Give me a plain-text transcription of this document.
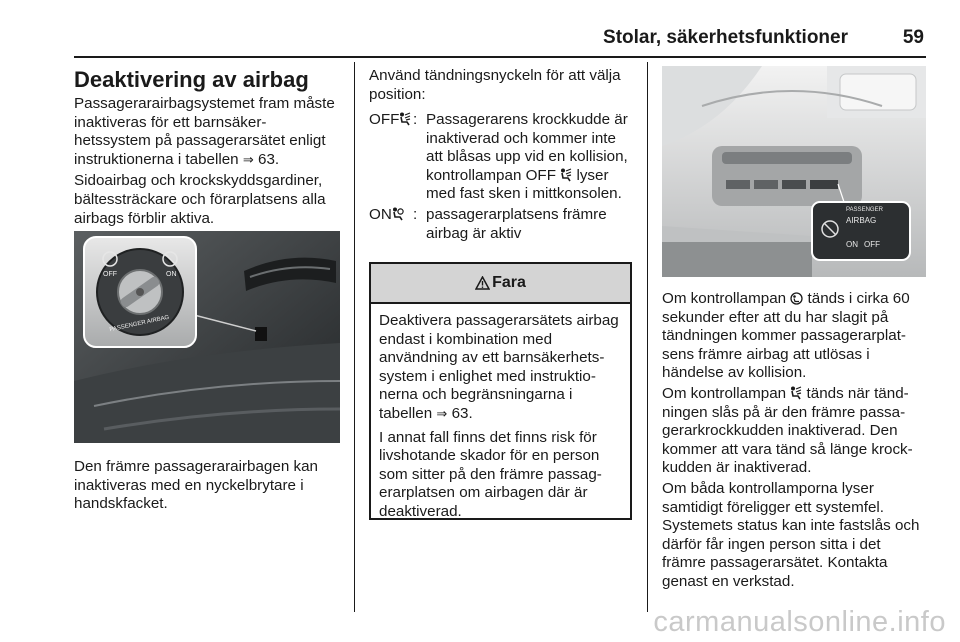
Stolar, säkerhetsfunktioner	59
Deaktivering av airbag

Passagerarairbagsystemet fram måste inaktiveras för ett barnsäker-hetssystem på passagerarsätet enligt instruktionerna i tabellen ⇒ 63.

Sidoairbag och krockskyddsgardiner, bältessträckare och förarplatsens alla airbags förblir aktiva.

OFF	ON
PASSENGER AIRBAG

Den främre passagerarairbagen kan inaktiveras med en nyckelbrytare i handskfacket.

Använd tändningsnyckeln för att välja position:

OFF : Passagerarens krockkudde är inaktiverad och kommer inte att blåsas upp vid en kollision, kontrollampan OFF
lyser med fast sken i mittkonsolen.
ON	: passagerarplatsens främre airbag är aktiv
Fara

Deaktivera passagerarsätets airbag endast i kombination med användning av ett barnsäkerhets-system i enlighet med instruktio-nerna och begränsningarna i tabellen ⇒ 63.

I annat fall finns det finns risk för livshotande skador för en person som sitter på den främre passag-erarplatsen om airbagen där är deaktiverad.

PASSENGER
AIRBAG
ON OFF

Om kontrollampan
tänds i cirka 60 sekunder efter att du har slagit på tändningen kommer passagerarplat-sens främre airbag att utlösas i händelse av kollision.

Om kontrollampan
tänds när tänd-ningen slås på är den främre passa-gerarkrockkudden inaktiverad. Den kommer att vara tänd så länge krock-kudden är inaktiverad.

Om båda kontrollamporna lyser samtidigt föreligger ett systemfel. Systemets status kan inte fastslås och därför får ingen person sitta i det främre passagerarsätet. Kontakta genast en verkstad.

carmanualsonline.info
